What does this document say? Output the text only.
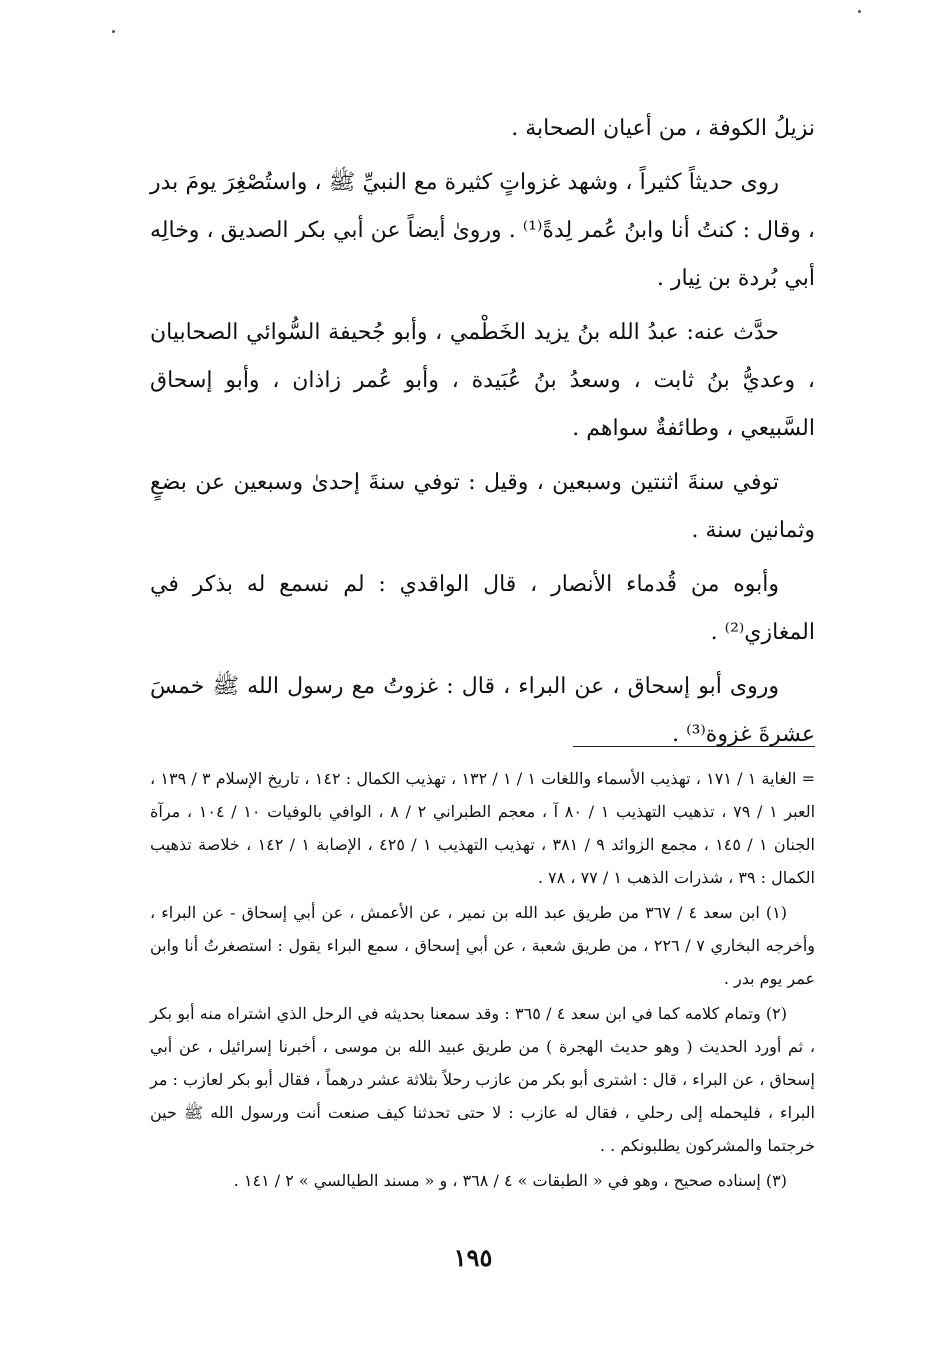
نزيلُ الكوفة ، من أعيان الصحابة .

روى حديثاً كثيراً ، وشهد غزواتٍ كثيرة مع النبيِّ ﷺ ، واستُصْغِرَ يومَ بدر ، وقال : كنتُ أنا وابنُ عُمر لِدةً⁽¹⁾ . وروىٰ أيضاً عن أبي بكر الصديق ، وخالِه أبي بُردة بن نِيار .

حدَّث عنه: عبدُ الله بنُ يزيد الخَطْمي ، وأبو جُحيفة السُّوائي الصحابيان ، وعديُّ بنُ ثابت ، وسعدُ بنُ عُبَيدة ، وأبو عُمر زاذان ، وأبو إسحاق السَّبيعي ، وطائفةٌ سواهم .

توفي سنةَ اثنتين وسبعين ، وقيل : توفي سنةَ إحدىٰ وسبعين عن بضعٍ وثمانين سنة .

وأبوه من قُدماء الأنصار ، قال الواقدي : لم نسمع له بذكر في المغازي⁽²⁾ .

وروى أبو إسحاق ، عن البراء ، قال : غزوتُ مع رسول الله ﷺ خمسَ عشرةَ غزوة⁽³⁾ .

= الغاية ١ / ١٧١ ، تهذيب الأسماء واللغات ١ / ١ / ١٣٢ ، تهذيب الكمال : ١٤٢ ، تاريخ الإسلام ٣ / ١٣٩ ، العبر ١ / ٧٩ ، تذهيب التهذيب ١ / ٨٠ آ ، معجم الطبراني ٢ / ٨ ، الوافي بالوفيات ١٠ / ١٠٤ ، مرآة الجنان ١ / ١٤٥ ، مجمع الزوائد ٩ / ٣٨١ ، تهذيب التهذيب ١ / ٤٢٥ ، الإصابة ١ / ١٤٢ ، خلاصة تذهيب الكمال : ٣٩ ، شذرات الذهب ١ / ٧٧ ، ٧٨ .

(١) ابن سعد ٤ / ٣٦٧ من طريق عبد الله بن نمير ، عن الأعمش ، عن أبي إسحاق - عن البراء ، وأخرجه البخاري ٧ / ٢٢٦ ، من طريق شعبة ، عن أبي إسحاق ، سمع البراء يقول : استصغرتُ أنا وابن عمر يوم بدر .

(٢) وتمام كلامه كما في ابن سعد ٤ / ٣٦٥ : وقد سمعنا بحديثه في الرحل الذي اشتراه منه أبو بكر ، ثم أورد الحديث ( وهو حديث الهجرة ) من طريق عبيد الله بن موسى ، أخبرنا إسرائيل ، عن أبي إسحاق ، عن البراء ، قال : اشترى أبو بكر من عازب رحلاً بثلاثة عشر درهماً ، فقال أبو بكر لعازب : مر البراء ، فليحمله إلى رحلي ، فقال له عازب : لا حتى تحدثنا كيف صنعت أنت ورسول الله ﷺ حين خرجتما والمشركون يطلبونكم . .

(٣) إسناده صحيح ، وهو في « الطبقات » ٤ / ٣٦٨ ، و « مسند الطيالسي » ٢ / ١٤١ .

١٩٥
